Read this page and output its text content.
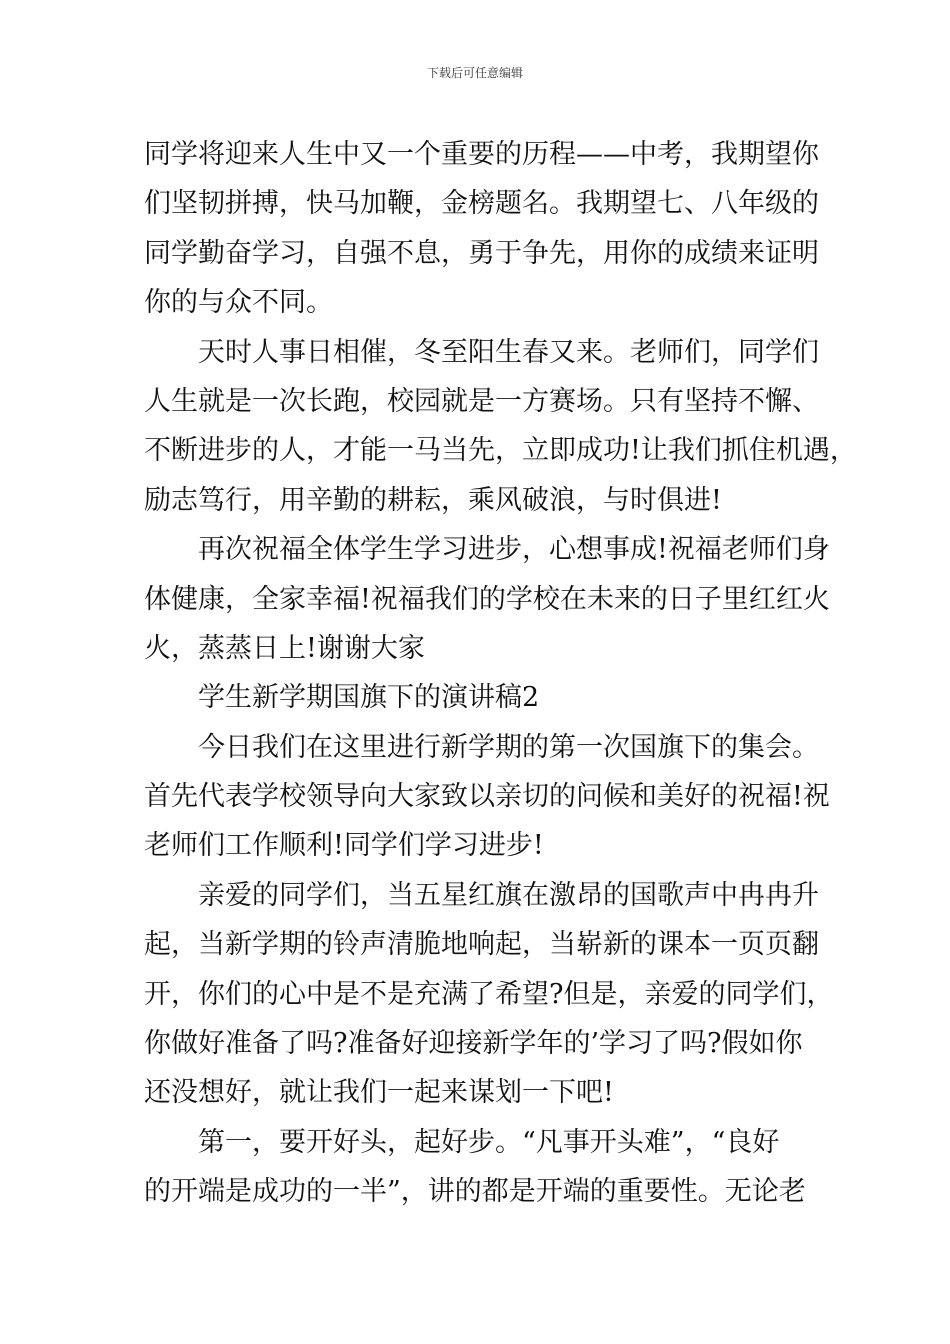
下载后可任意编辑
同学将迎来人生中又一个重要的历程——中考，我期望你
们坚韧拼搏，快马加鞭，金榜题名。我期望七、八年级的
同学勤奋学习，自强不息，勇于争先，用你的成绩来证明
你的与众不同。
天时人事日相催，冬至阳生春又来。老师们，同学们
人生就是一次长跑，校园就是一方赛场。只有坚持不懈、
不断进步的人，才能一马当先，立即成功!让我们抓住机遇，
励志笃行，用辛勤的耕耘，乘风破浪，与时俱进!
再次祝福全体学生学习进步，心想事成!祝福老师们身
体健康，全家幸福!祝福我们的学校在未来的日子里红红火
火，蒸蒸日上!谢谢大家
学生新学期国旗下的演讲稿2
今日我们在这里进行新学期的第一次国旗下的集会。
首先代表学校领导向大家致以亲切的问候和美好的祝福!祝
老师们工作顺利!同学们学习进步!
亲爱的同学们，当五星红旗在激昂的国歌声中冉冉升
起，当新学期的铃声清脆地响起，当崭新的课本一页页翻
开，你们的心中是不是充满了希望?但是，亲爱的同学们，
你做好准备了吗?准备好迎接新学年的’学习了吗?假如你
还没想好，就让我们一起来谋划一下吧!
第一，要开好头，起好步。“凡事开头难”，“良好
的开端是成功的一半”，讲的都是开端的重要性。无论老
